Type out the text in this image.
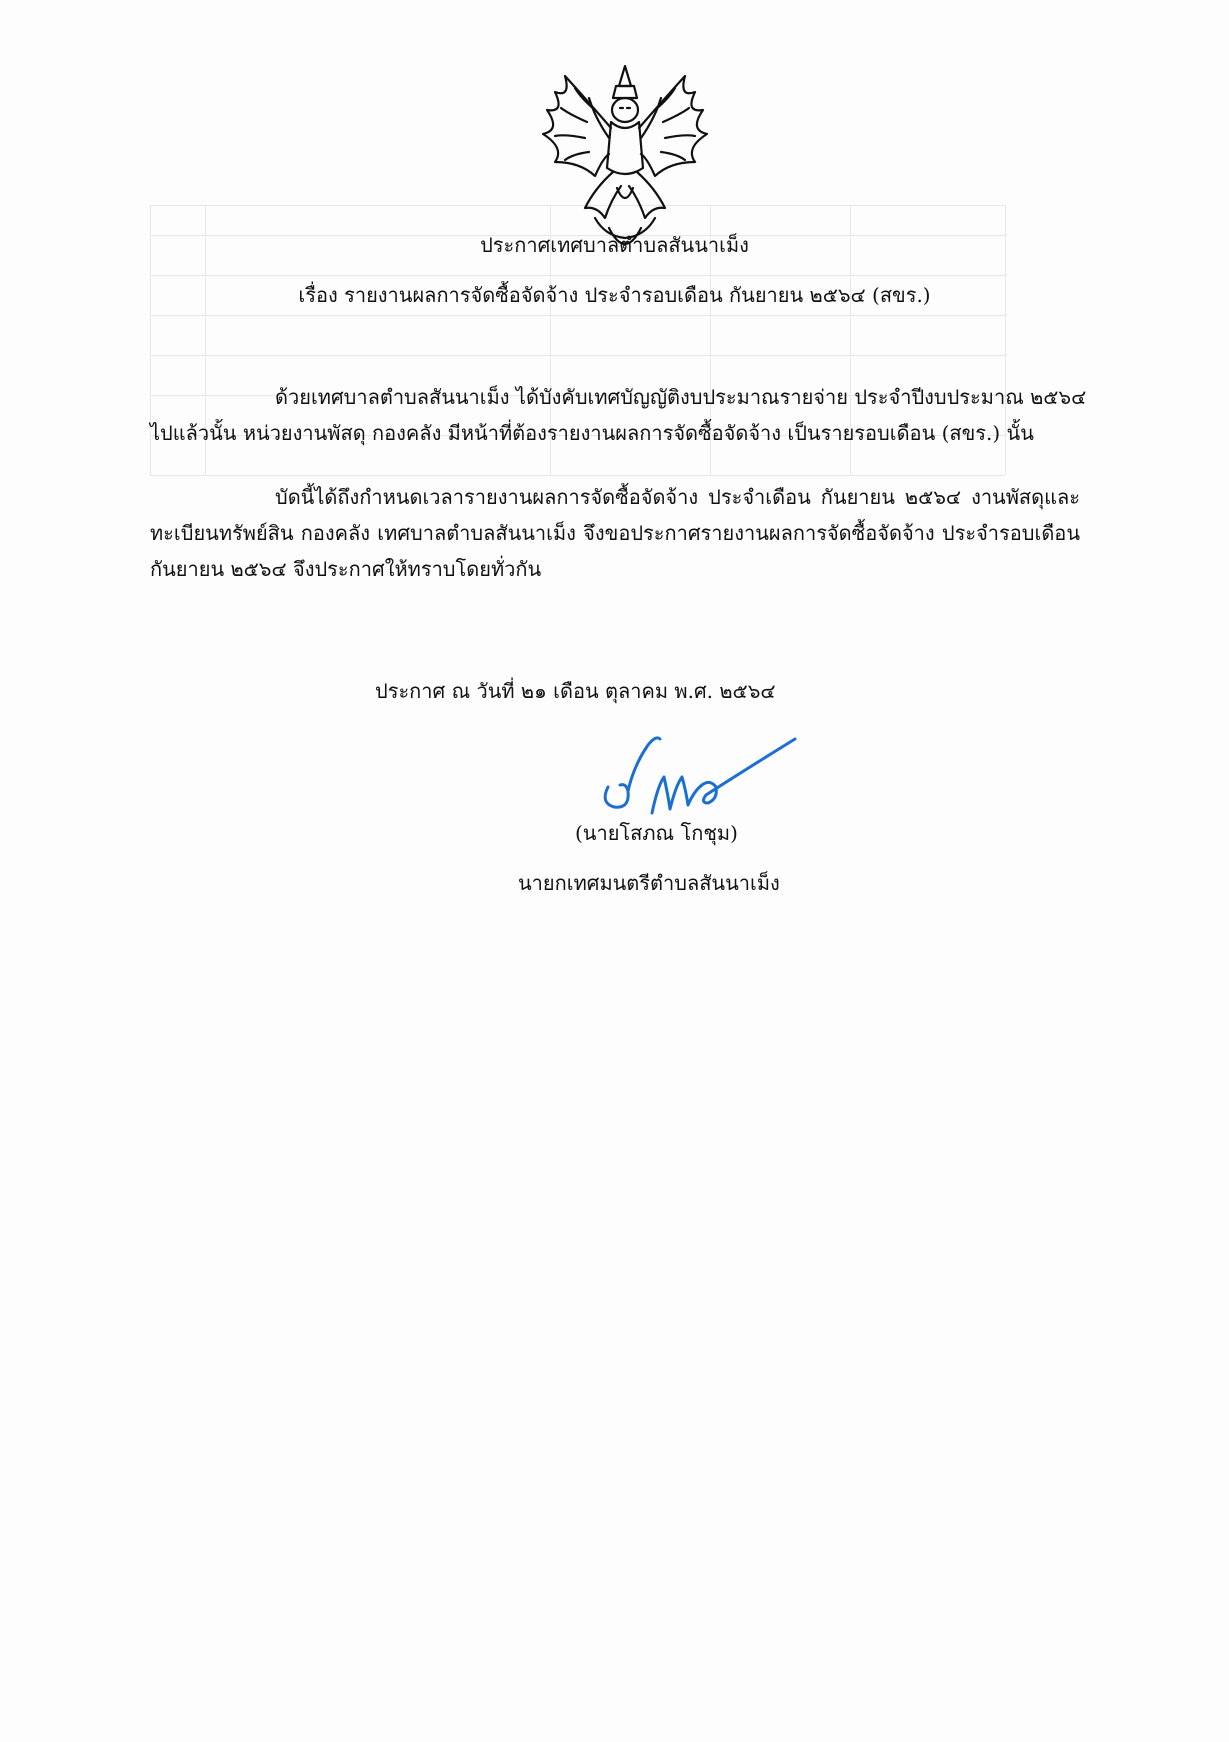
ประกาศเทศบาลตำบลสันนาเม็ง
เรื่อง รายงานผลการจัดซื้อจัดจ้าง ประจำรอบเดือน กันยายน ๒๕๖๔ (สขร.)
ด้วยเทศบาลตำบลสันนาเม็ง ได้บังคับเทศบัญญัติงบประมาณรายจ่าย ประจำปีงบประมาณ ๒๕๖๔
ไปแล้วนั้น หน่วยงานพัสดุ กองคลัง มีหน้าที่ต้องรายงานผลการจัดซื้อจัดจ้าง เป็นรายรอบเดือน (สขร.) นั้น
บัดนี้ได้ถึงกำหนดเวลารายงานผลการจัดซื้อจัดจ้าง ประจำเดือน กันยายน ๒๕๖๔ งานพัสดุและ
ทะเบียนทรัพย์สิน กองคลัง เทศบาลตำบลสันนาเม็ง จึงขอประกาศรายงานผลการจัดซื้อจัดจ้าง ประจำรอบเดือน
กันยายน ๒๕๖๔ จึงประกาศให้ทราบโดยทั่วกัน
ประกาศ ณ วันที่ ๒๑ เดือน ตุลาคม พ.ศ. ๒๕๖๔
(นายโสภณ โกชุม)
นายกเทศมนตรีตำบลสันนาเม็ง
